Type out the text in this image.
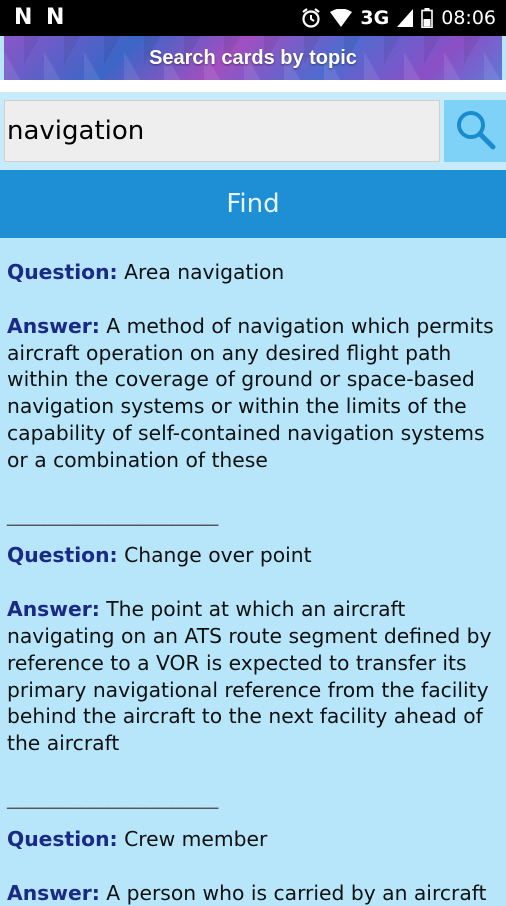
N N	3G	08:06
Search cards by topic
navigation
Find

Question: Area navigation

Answer: A method of navigation which permits aircraft operation on any desired flight path within the coverage of ground or space-based navigation systems or within the limits of the capability of self-contained navigation systems or a combination of these

_______________________

Question: Change over point

Answer: The point at which an aircraft navigating on an ATS route segment defined by reference to a VOR is expected to transfer its primary navigational reference from the facility behind the aircraft to the next facility ahead of the aircraft

_______________________

Question: Crew member

Answer: A person who is carried by an aircraft
